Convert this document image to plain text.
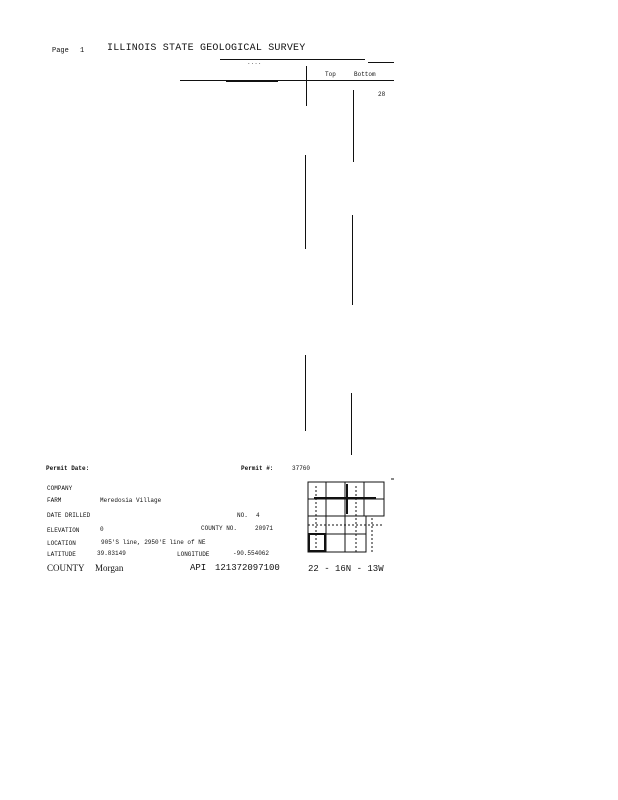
Page 1 ILLINOIS STATE GEOLOGICAL SURVEY
....
Top	Bottom
28
Permit Date:	Permit #:	37760
COMPANY
FARM	Meredosia Village
DATE DRILLED	NO. 4
ELEVATION	0	COUNTY NO.	20971
LOCATION	905'S line, 2950'E line of NE
LATITUDE	39.83149	LONGITUDE	-90.554062
COUNTY Morgan	API 121372097100	22 - 16N - 13W
